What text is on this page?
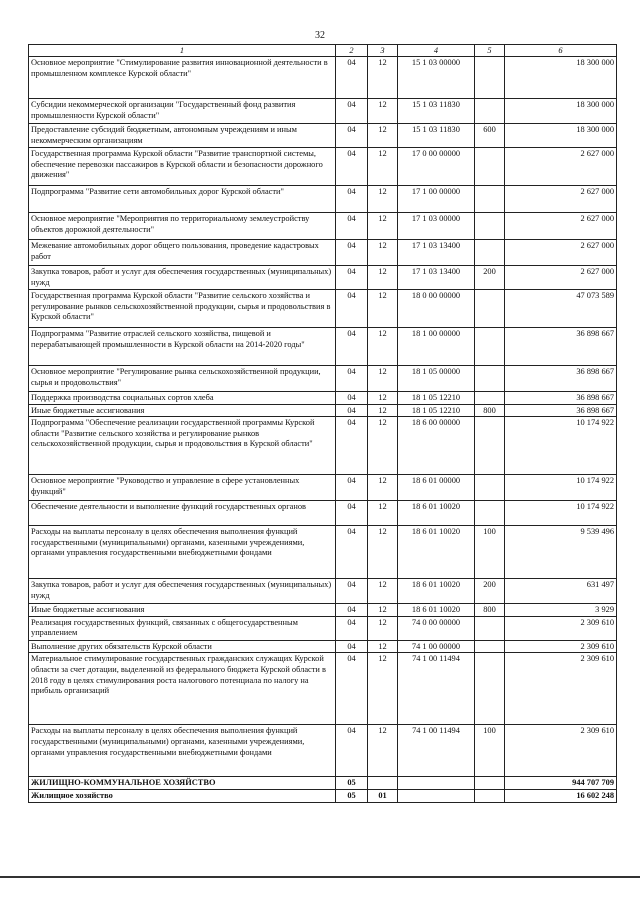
32
1	2	3	4	5	6
Основное мероприятие "Стимулирование развития инновационной деятельности в промышленном комплексе Курской области"	04	12	15 1 03 00000		18 300 000
Субсидии некоммерческой организации "Государственный фонд развития промышленности Курской области"	04	12	15 1 03 11830		18 300 000
Предоставление субсидий бюджетным, автономным учреждениям и иным некоммерческим организациям	04	12	15 1 03 11830	600	18 300 000
Государственная программа Курской области "Развитие транспортной системы, обеспечение перевозки пассажиров в Курской области и безопасности дорожного движения"	04	12	17 0 00 00000		2 627 000
Подпрограмма "Развитие сети автомобильных дорог Курской области"	04	12	17 1 00 00000		2 627 000
Основное мероприятие "Мероприятия по территориальному землеустройству объектов дорожной деятельности"	04	12	17 1 03 00000		2 627 000
Межевание автомобильных дорог общего пользования, проведение кадастровых работ	04	12	17 1 03 13400		2 627 000
Закупка товаров, работ и услуг для обеспечения государственных (муниципальных) нужд	04	12	17 1 03 13400	200	2 627 000
Государственная программа Курской области "Развитие сельского хозяйства и регулирование рынков сельскохозяйственной продукции, сырья и продовольствия в Курской области"	04	12	18 0 00 00000		47 073 589
Подпрограмма "Развитие отраслей сельского хозяйства, пищевой и перерабатывающей промышленности в Курской области на 2014-2020 годы"	04	12	18 1 00 00000		36 898 667
Основное мероприятие "Регулирование рынка сельскохозяйственной продукции, сырья и продовольствия"	04	12	18 1 05 00000		36 898 667
Поддержка производства социальных сортов хлеба	04	12	18 1 05 12210		36 898 667
Иные бюджетные ассигнования	04	12	18 1 05 12210	800	36 898 667
Подпрограмма "Обеспечение реализации государственной программы Курской области "Развитие сельского хозяйства и регулирование рынков сельскохозяйственной продукции, сырья и продовольствия в Курской области"	04	12	18 6 00 00000		10 174 922
Основное мероприятие "Руководство и управление в сфере установленных функций"	04	12	18 6 01 00000		10 174 922
Обеспечение деятельности и выполнение функций государственных органов	04	12	18 6 01 10020		10 174 922
Расходы на выплаты персоналу в целях обеспечения выполнения функций государственными (муниципальными) органами, казенными учреждениями, органами управления государственными внебюджетными фондами	04	12	18 6 01 10020	100	9 539 496
Закупка товаров, работ и услуг для обеспечения государственных (муниципальных) нужд	04	12	18 6 01 10020	200	631 497
Иные бюджетные ассигнования	04	12	18 6 01 10020	800	3 929
Реализация государственных функций, связанных с общегосударственным управлением	04	12	74 0 00 00000		2 309 610
Выполнение других обязательств Курской области	04	12	74 1 00 00000		2 309 610
Материальное стимулирование государственных гражданских служащих Курской области за счет дотации, выделенной из федерального бюджета Курской области в 2018 году в целях стимулирования роста налогового потенциала по налогу на прибыль организаций	04	12	74 1 00 11494		2 309 610
Расходы на выплаты персоналу в целях обеспечения выполнения функций государственными (муниципальными) органами, казенными учреждениями, органами управления государственными внебюджетными фондами	04	12	74 1 00 11494	100	2 309 610
ЖИЛИЩНО-КОММУНАЛЬНОЕ ХОЗЯЙСТВО	05				944 707 709
Жилищное хозяйство	05	01			16 602 248
